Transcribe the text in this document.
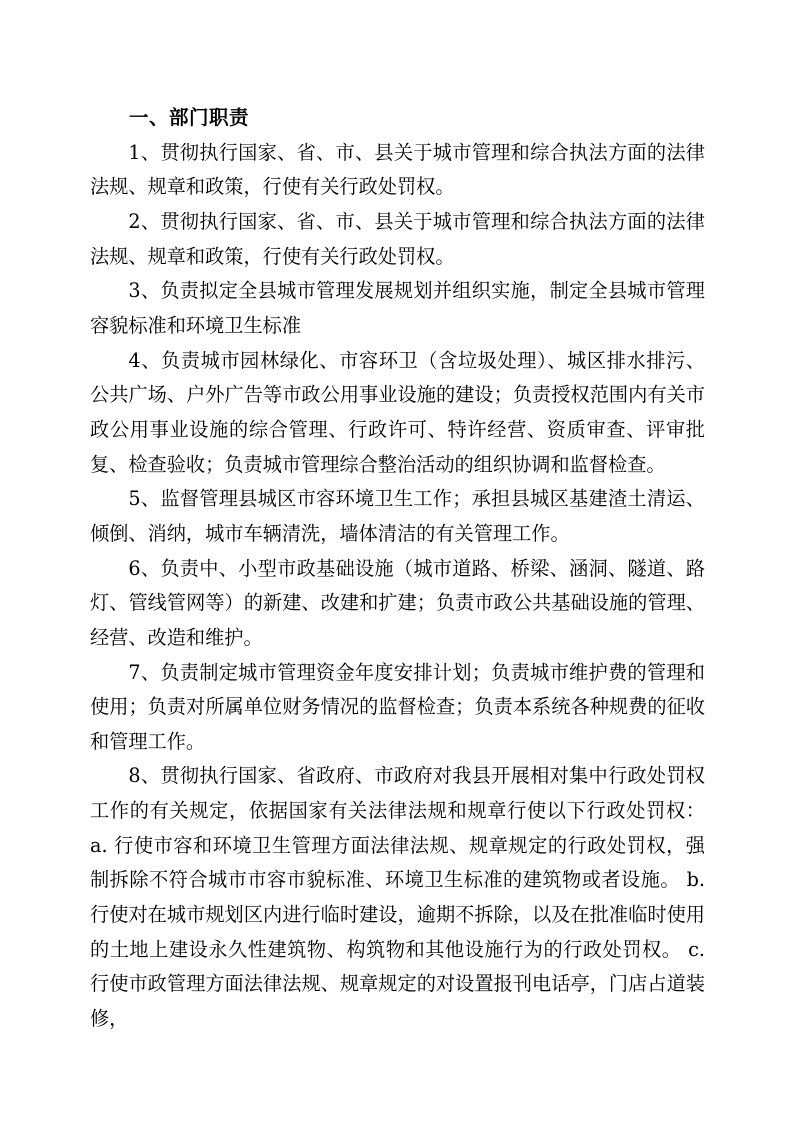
一、部门职责

1、贯彻执行国家、省、市、县关于城市管理和综合执法方面的法律法规、规章和政策，行使有关行政处罚权。

2、贯彻执行国家、省、市、县关于城市管理和综合执法方面的法律法规、规章和政策，行使有关行政处罚权。

3、负责拟定全县城市管理发展规划并组织实施，制定全县城市管理容貌标准和环境卫生标准

4、负责城市园林绿化、市容环卫（含垃圾处理）、城区排水排污、公共广场、户外广告等市政公用事业设施的建设；负责授权范围内有关市政公用事业设施的综合管理、行政许可、特许经营、资质审查、评审批复、检查验收；负责城市管理综合整治活动的组织协调和监督检查。

5、监督管理县城区市容环境卫生工作；承担县城区基建渣土清运、倾倒、消纳，城市车辆清洗，墙体清洁的有关管理工作。

6、负责中、小型市政基础设施（城市道路、桥梁、涵洞、隧道、路灯、管线管网等）的新建、改建和扩建；负责市政公共基础设施的管理、经营、改造和维护。

7、负责制定城市管理资金年度安排计划；负责城市维护费的管理和使用；负责对所属单位财务情况的监督检查；负责本系统各种规费的征收和管理工作。

8、贯彻执行国家、省政府、市政府对我县开展相对集中行政处罚权工作的有关规定，依据国家有关法律法规和规章行使以下行政处罚权： a. 行使市容和环境卫生管理方面法律法规、规章规定的行政处罚权，强制拆除不符合城市市容市貌标准、环境卫生标准的建筑物或者设施。 b. 行使对在城市规划区内进行临时建设，逾期不拆除，以及在批准临时使用的土地上建设永久性建筑物、构筑物和其他设施行为的行政处罚权。 c. 行使市政管理方面法律法规、规章规定的对设置报刊电话亭，门店占道装修，
